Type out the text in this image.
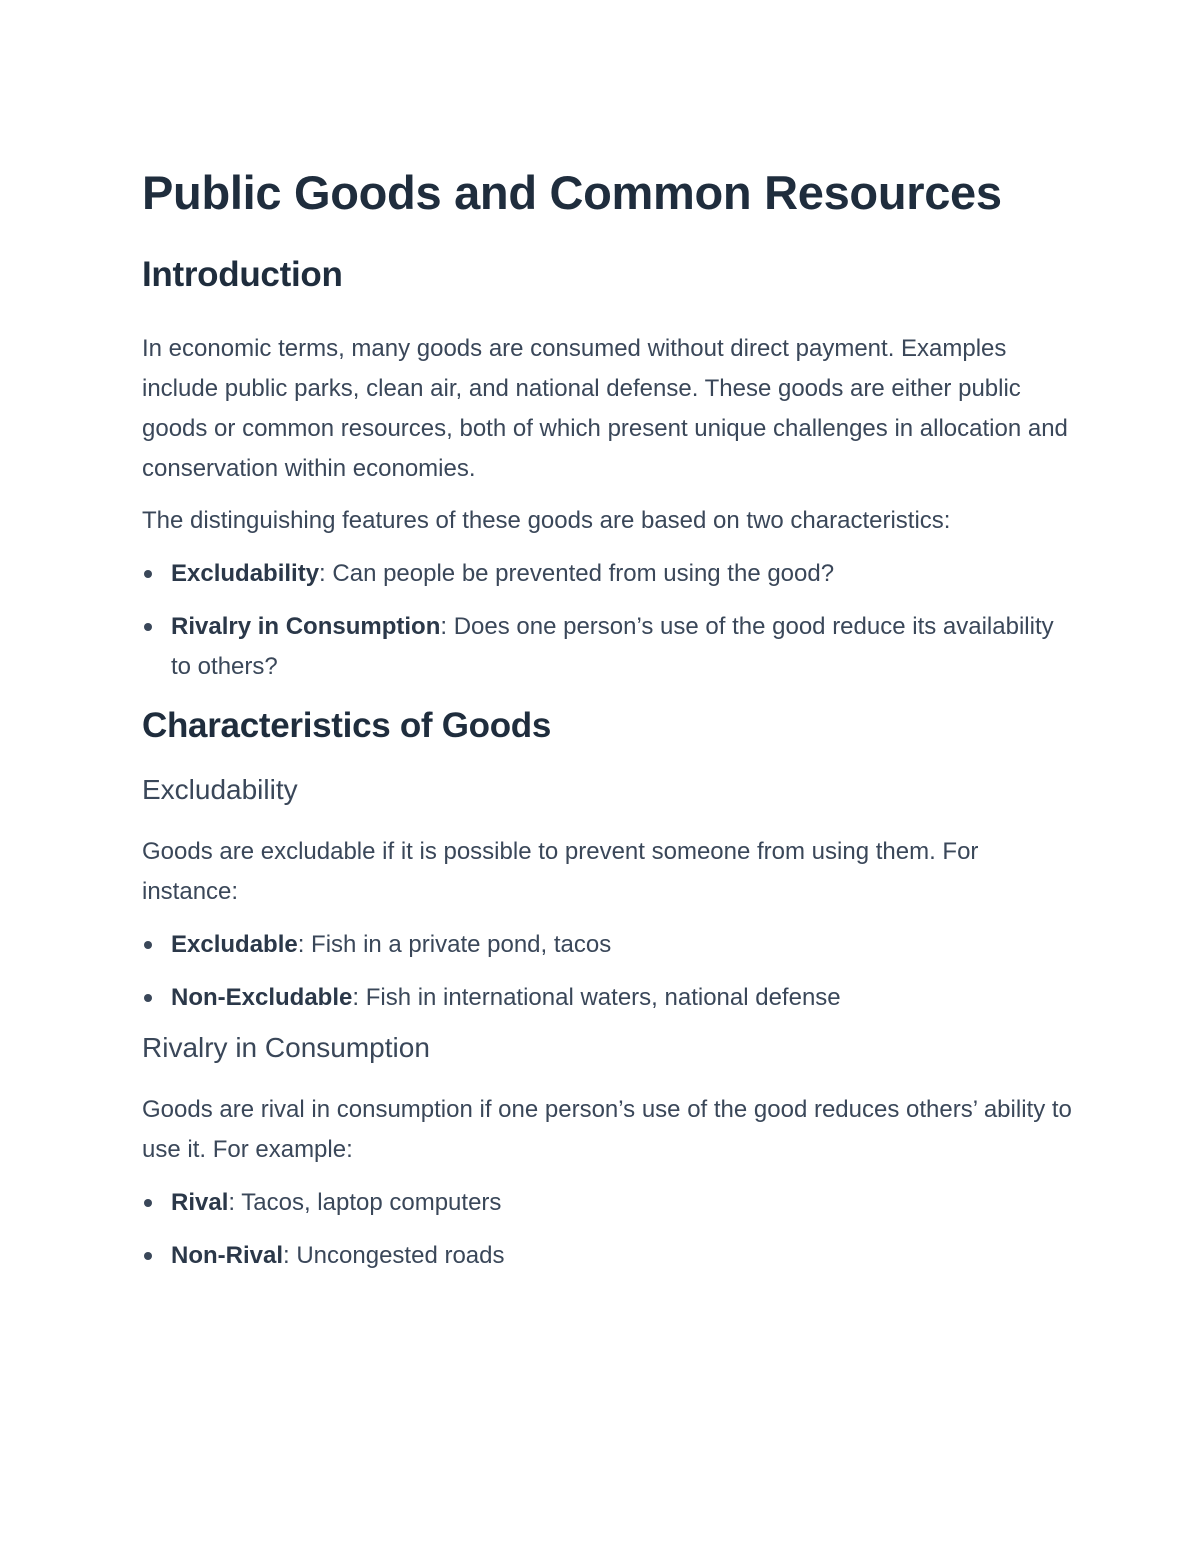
Public Goods and Common Resources
Introduction

In economic terms, many goods are consumed without direct payment. Examples include public parks, clean air, and national defense. These goods are either public goods or common resources, both of which present unique challenges in allocation and conservation within economies.

The distinguishing features of these goods are based on two characteristics:

Excludability: Can people be prevented from using the good?
Rivalry in Consumption: Does one person’s use of the good reduce its availability to others?
Characteristics of Goods
Excludability

Goods are excludable if it is possible to prevent someone from using them. For instance:

Excludable: Fish in a private pond, tacos
Non-Excludable: Fish in international waters, national defense
Rivalry in Consumption

Goods are rival in consumption if one person’s use of the good reduces others’ ability to use it. For example:

Rival: Tacos, laptop computers
Non-Rival: Uncongested roads
